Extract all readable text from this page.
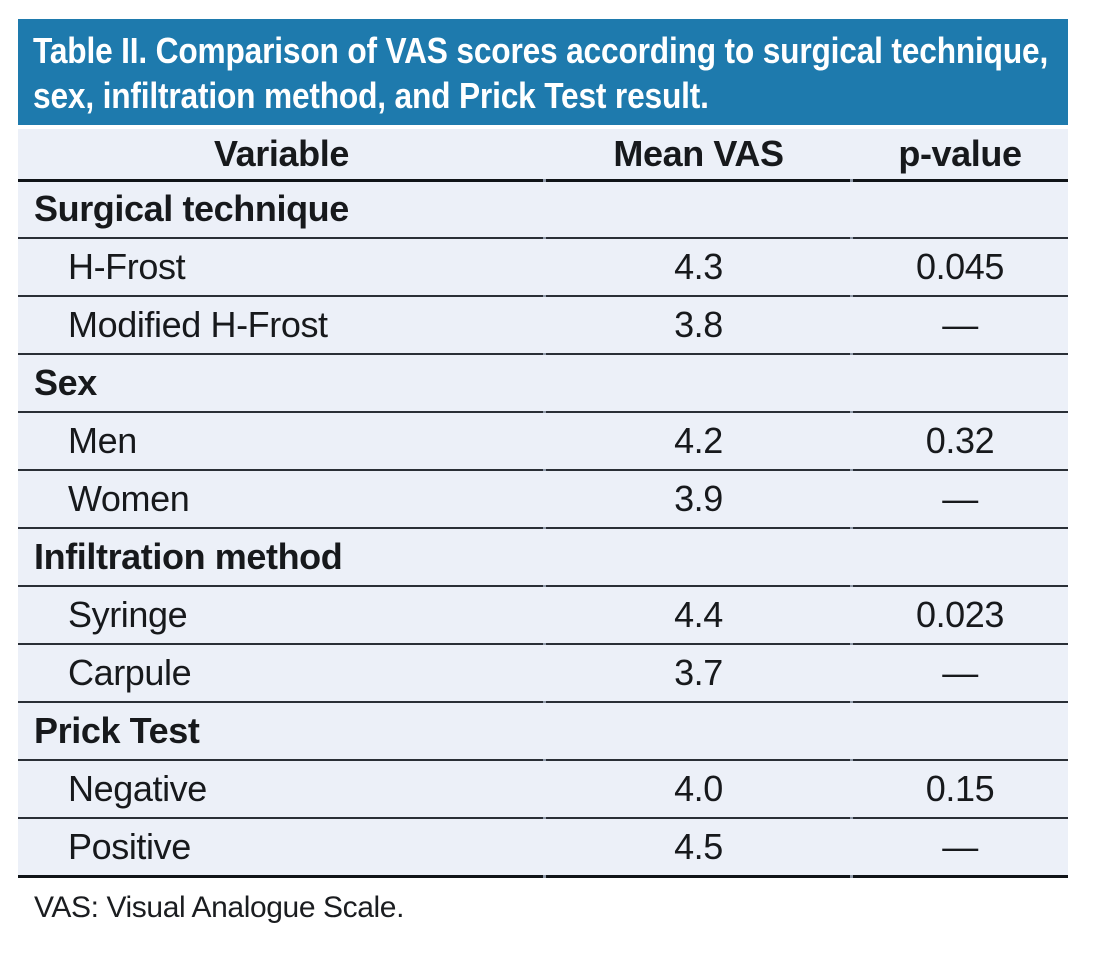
Table II. Comparison of VAS scores according to surgical technique, sex, infiltration method, and Prick Test result.
Variable	Mean VAS	p-value
Surgical technique		
H-Frost	4.3	0.045
Modified H-Frost	3.8	—
Sex		
Men	4.2	0.32
Women	3.9	—
Infiltration method		
Syringe	4.4	0.023
Carpule	3.7	—
Prick Test		
Negative	4.0	0.15
Positive	4.5	—
VAS: Visual Analogue Scale.
